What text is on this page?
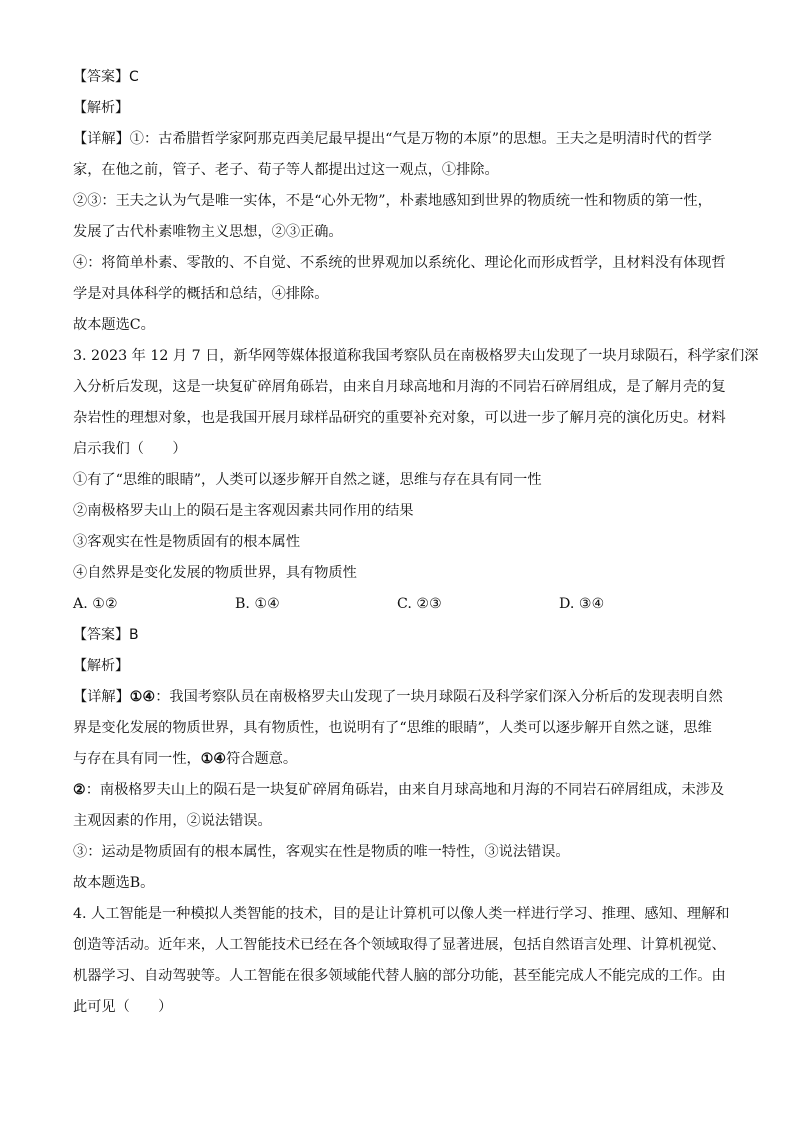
【答案】C
【解析】
【详解】①：古希腊哲学家阿那克西美尼最早提出“气是万物的本原”的思想。王夫之是明清时代的哲学
家，在他之前，管子、老子、荀子等人都提出过这一观点，①排除。
②③：王夫之认为气是唯一实体，不是“心外无物”，朴素地感知到世界的物质统一性和物质的第一性，
发展了古代朴素唯物主义思想，②③正确。
④：将简单朴素、零散的、不自觉、不系统的世界观加以系统化、理论化而形成哲学，且材料没有体现哲
学是对具体科学的概括和总结，④排除。
故本题选C。
3. 2023 年 12 月 7 日，新华网等媒体报道称我国考察队员在南极格罗夫山发现了一块月球陨石，科学家们深
入分析后发现，这是一块复矿碎屑角砾岩，由来自月球高地和月海的不同岩石碎屑组成，是了解月壳的复
杂岩性的理想对象，也是我国开展月球样品研究的重要补充对象，可以进一步了解月亮的演化历史。材料
启示我们（　　）
①有了“思维的眼睛”，人类可以逐步解开自然之谜，思维与存在具有同一性
②南极格罗夫山上的陨石是主客观因素共同作用的结果
③客观实在性是物质固有的根本属性
④自然界是变化发展的物质世界，具有物质性
A. ①②	B. ①④	C. ②③	D. ③④
【答案】B
【解析】
【详解】①④：我国考察队员在南极格罗夫山发现了一块月球陨石及科学家们深入分析后的发现表明自然
界是变化发展的物质世界，具有物质性，也说明有了“思维的眼睛”，人类可以逐步解开自然之谜，思维
与存在具有同一性，①④符合题意。
②：南极格罗夫山上的陨石是一块复矿碎屑角砾岩，由来自月球高地和月海的不同岩石碎屑组成，未涉及
主观因素的作用，②说法错误。
③：运动是物质固有的根本属性，客观实在性是物质的唯一特性，③说法错误。
故本题选B。
4. 人工智能是一种模拟人类智能的技术，目的是让计算机可以像人类一样进行学习、推理、感知、理解和
创造等活动。近年来，人工智能技术已经在各个领域取得了显著进展，包括自然语言处理、计算机视觉、
机器学习、自动驾驶等。人工智能在很多领域能代替人脑的部分功能，甚至能完成人不能完成的工作。由
此可见（　　）
